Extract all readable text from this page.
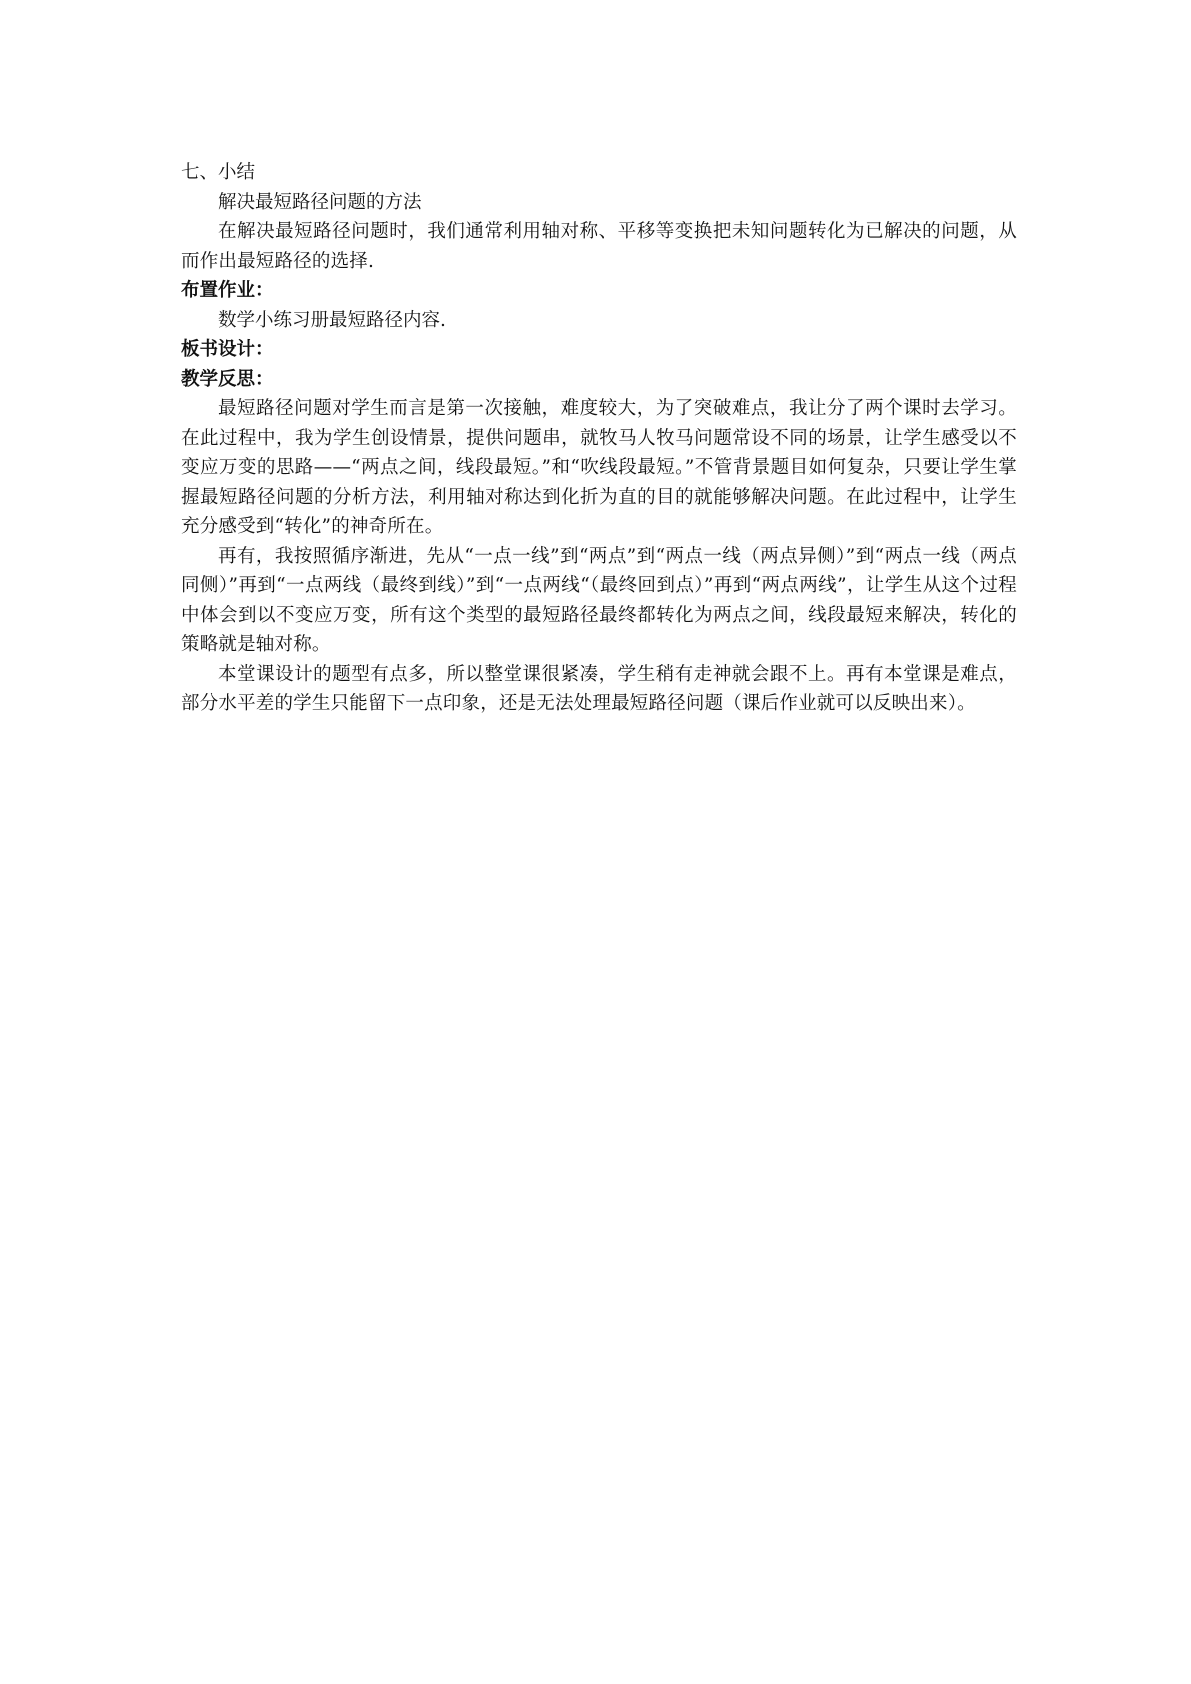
七、小结

解决最短路径问题的方法

在解决最短路径问题时，我们通常利用轴对称、平移等变换把未知问题转化为已解决的问题，从而作出最短路径的选择.

布置作业：

数学小练习册最短路径内容.

板书设计：

教学反思：

最短路径问题对学生而言是第一次接触，难度较大，为了突破难点，我让分了两个课时去学习。在此过程中，我为学生创设情景，提供问题串，就牧马人牧马问题常设不同的场景，让学生感受以不变应万变的思路——“两点之间，线段最短。”和“吹线段最短。”不管背景题目如何复杂，只要让学生掌握最短路径问题的分析方法，利用轴对称达到化折为直的目的就能够解决问题。在此过程中，让学生充分感受到“转化”的神奇所在。

再有，我按照循序渐进，先从“一点一线”到“两点”到“两点一线（两点异侧）”到“两点一线（两点同侧）”再到“一点两线（最终到线）”到“一点两线“（最终回到点）”再到“两点两线”，让学生从这个过程中体会到以不变应万变，所有这个类型的最短路径最终都转化为两点之间，线段最短来解决，转化的策略就是轴对称。

本堂课设计的题型有点多，所以整堂课很紧凑，学生稍有走神就会跟不上。再有本堂课是难点，部分水平差的学生只能留下一点印象，还是无法处理最短路径问题（课后作业就可以反映出来）。
